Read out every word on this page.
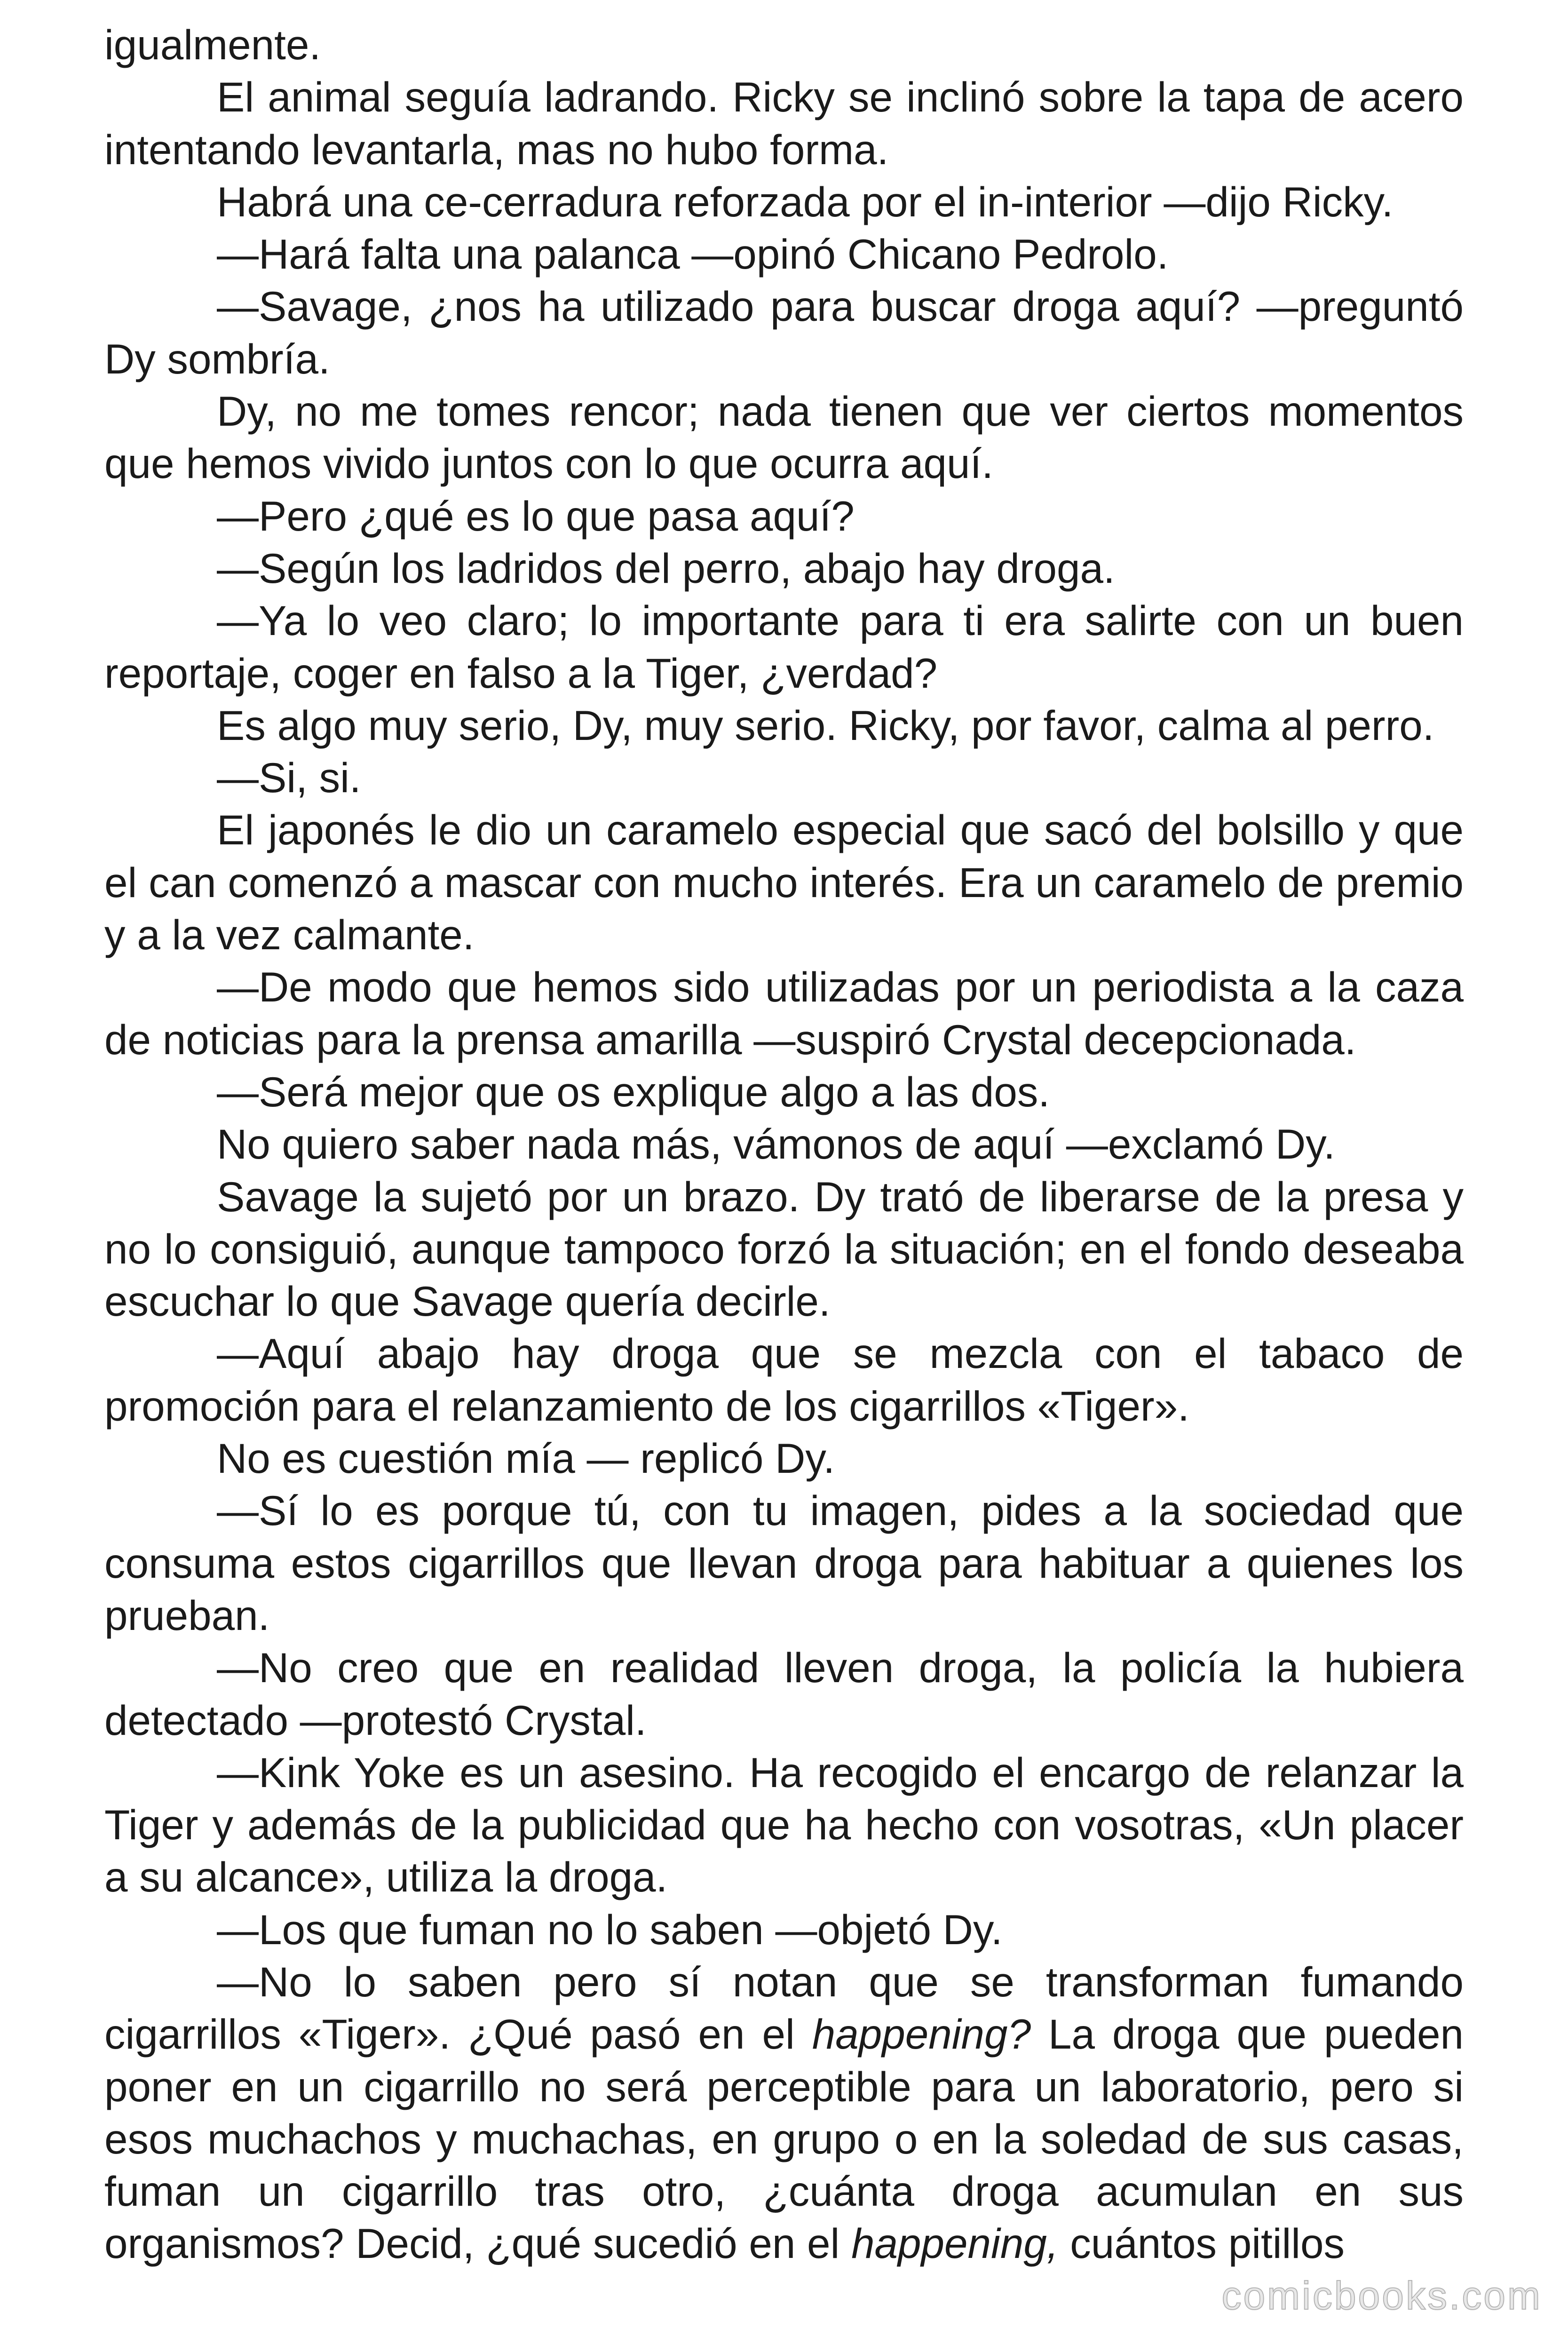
igualmente.

El animal seguía ladrando. Ricky se inclinó sobre la tapa de acero intentando levantarla, mas no hubo forma.

Habrá una ce-cerradura reforzada por el in-interior —dijo Ricky.

—Hará falta una palanca —opinó Chicano Pedrolo.

—Savage, ¿nos ha utilizado para buscar droga aquí? —preguntó Dy sombría.

Dy, no me tomes rencor; nada tienen que ver ciertos momentos que hemos vivido juntos con lo que ocurra aquí.

—Pero ¿qué es lo que pasa aquí?

—Según los ladridos del perro, abajo hay droga.

—Ya lo veo claro; lo importante para ti era salirte con un buen reportaje, coger en falso a la Tiger, ¿verdad?

Es algo muy serio, Dy, muy serio. Ricky, por favor, calma al perro.

—Si, si.

El japonés le dio un caramelo especial que sacó del bolsillo y que el can comenzó a mascar con mucho interés. Era un caramelo de premio y a la vez calmante.

—De modo que hemos sido utilizadas por un periodista a la caza de noticias para la prensa amarilla —suspiró Crystal decepcionada.

—Será mejor que os explique algo a las dos.

No quiero saber nada más, vámonos de aquí —exclamó Dy.

Savage la sujetó por un brazo. Dy trató de liberarse de la presa y no lo consiguió, aunque tampoco forzó la situación; en el fondo deseaba escuchar lo que Savage quería decirle.

—Aquí abajo hay droga que se mezcla con el tabaco de promoción para el relanzamiento de los cigarrillos «Tiger».

No es cuestión mía — replicó Dy.

—Sí lo es porque tú, con tu imagen, pides a la sociedad que consuma estos cigarrillos que llevan droga para habituar a quienes los prueban.

—No creo que en realidad lleven droga, la policía la hubiera detectado —protestó Crystal.

—Kink Yoke es un asesino. Ha recogido el encargo de relanzar la Tiger y además de la publicidad que ha hecho con vosotras, «Un placer a su alcance», utiliza la droga.

—Los que fuman no lo saben —objetó Dy.

—No lo saben pero sí notan que se transforman fumando cigarrillos «Tiger». ¿Qué pasó en el happening? La droga que pueden poner en un cigarrillo no será perceptible para un laboratorio, pero si esos muchachos y muchachas, en grupo o en la soledad de sus casas, fuman un cigarrillo tras otro, ¿cuánta droga acumulan en sus organismos? Decid, ¿qué sucedió en el happening, cuántos pitillos

comicbooks.com
